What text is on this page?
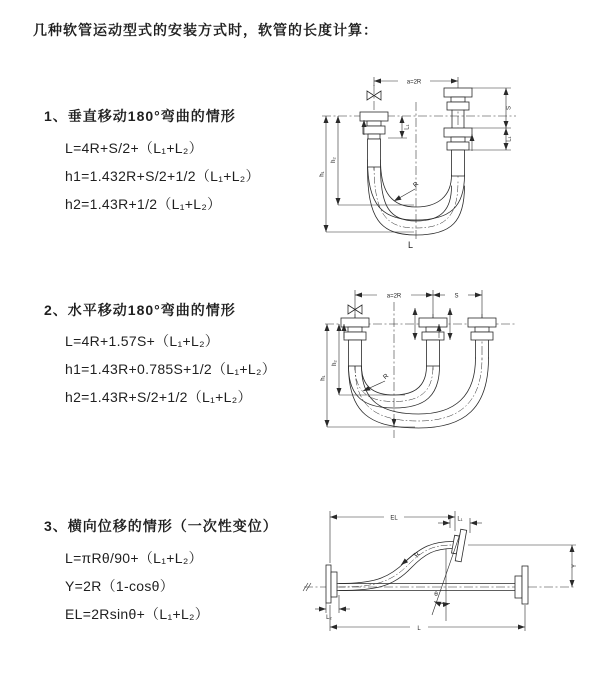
几种软管运动型式的安装方式时，软管的长度计算：
1、垂直移动180°弯曲的情形
L=4R+S/2+（L₁+L₂）
h1=1.432R+S/2+1/2（L₁+L₂）
h2=1.43R+1/2（L₁+L₂）
2、水平移动180°弯曲的情形
L=4R+1.57S+（L₁+L₂）
h1=1.43R+0.785S+1/2（L₁+L₂）
h2=1.43R+S/2+1/2（L₁+L₂）
3、横向位移的情形（一次性变位）
L=πRθ/90+（L₁+L₂）
Y=2R（1-cosθ）
EL=2Rsinθ+（L₁+L₂）
a=2R
L₁
S
L₁
h₁
h₂
R
L
a=2R	S
h₁
h₂
R
θ
EL	L₁
Y
R
L
L₂
